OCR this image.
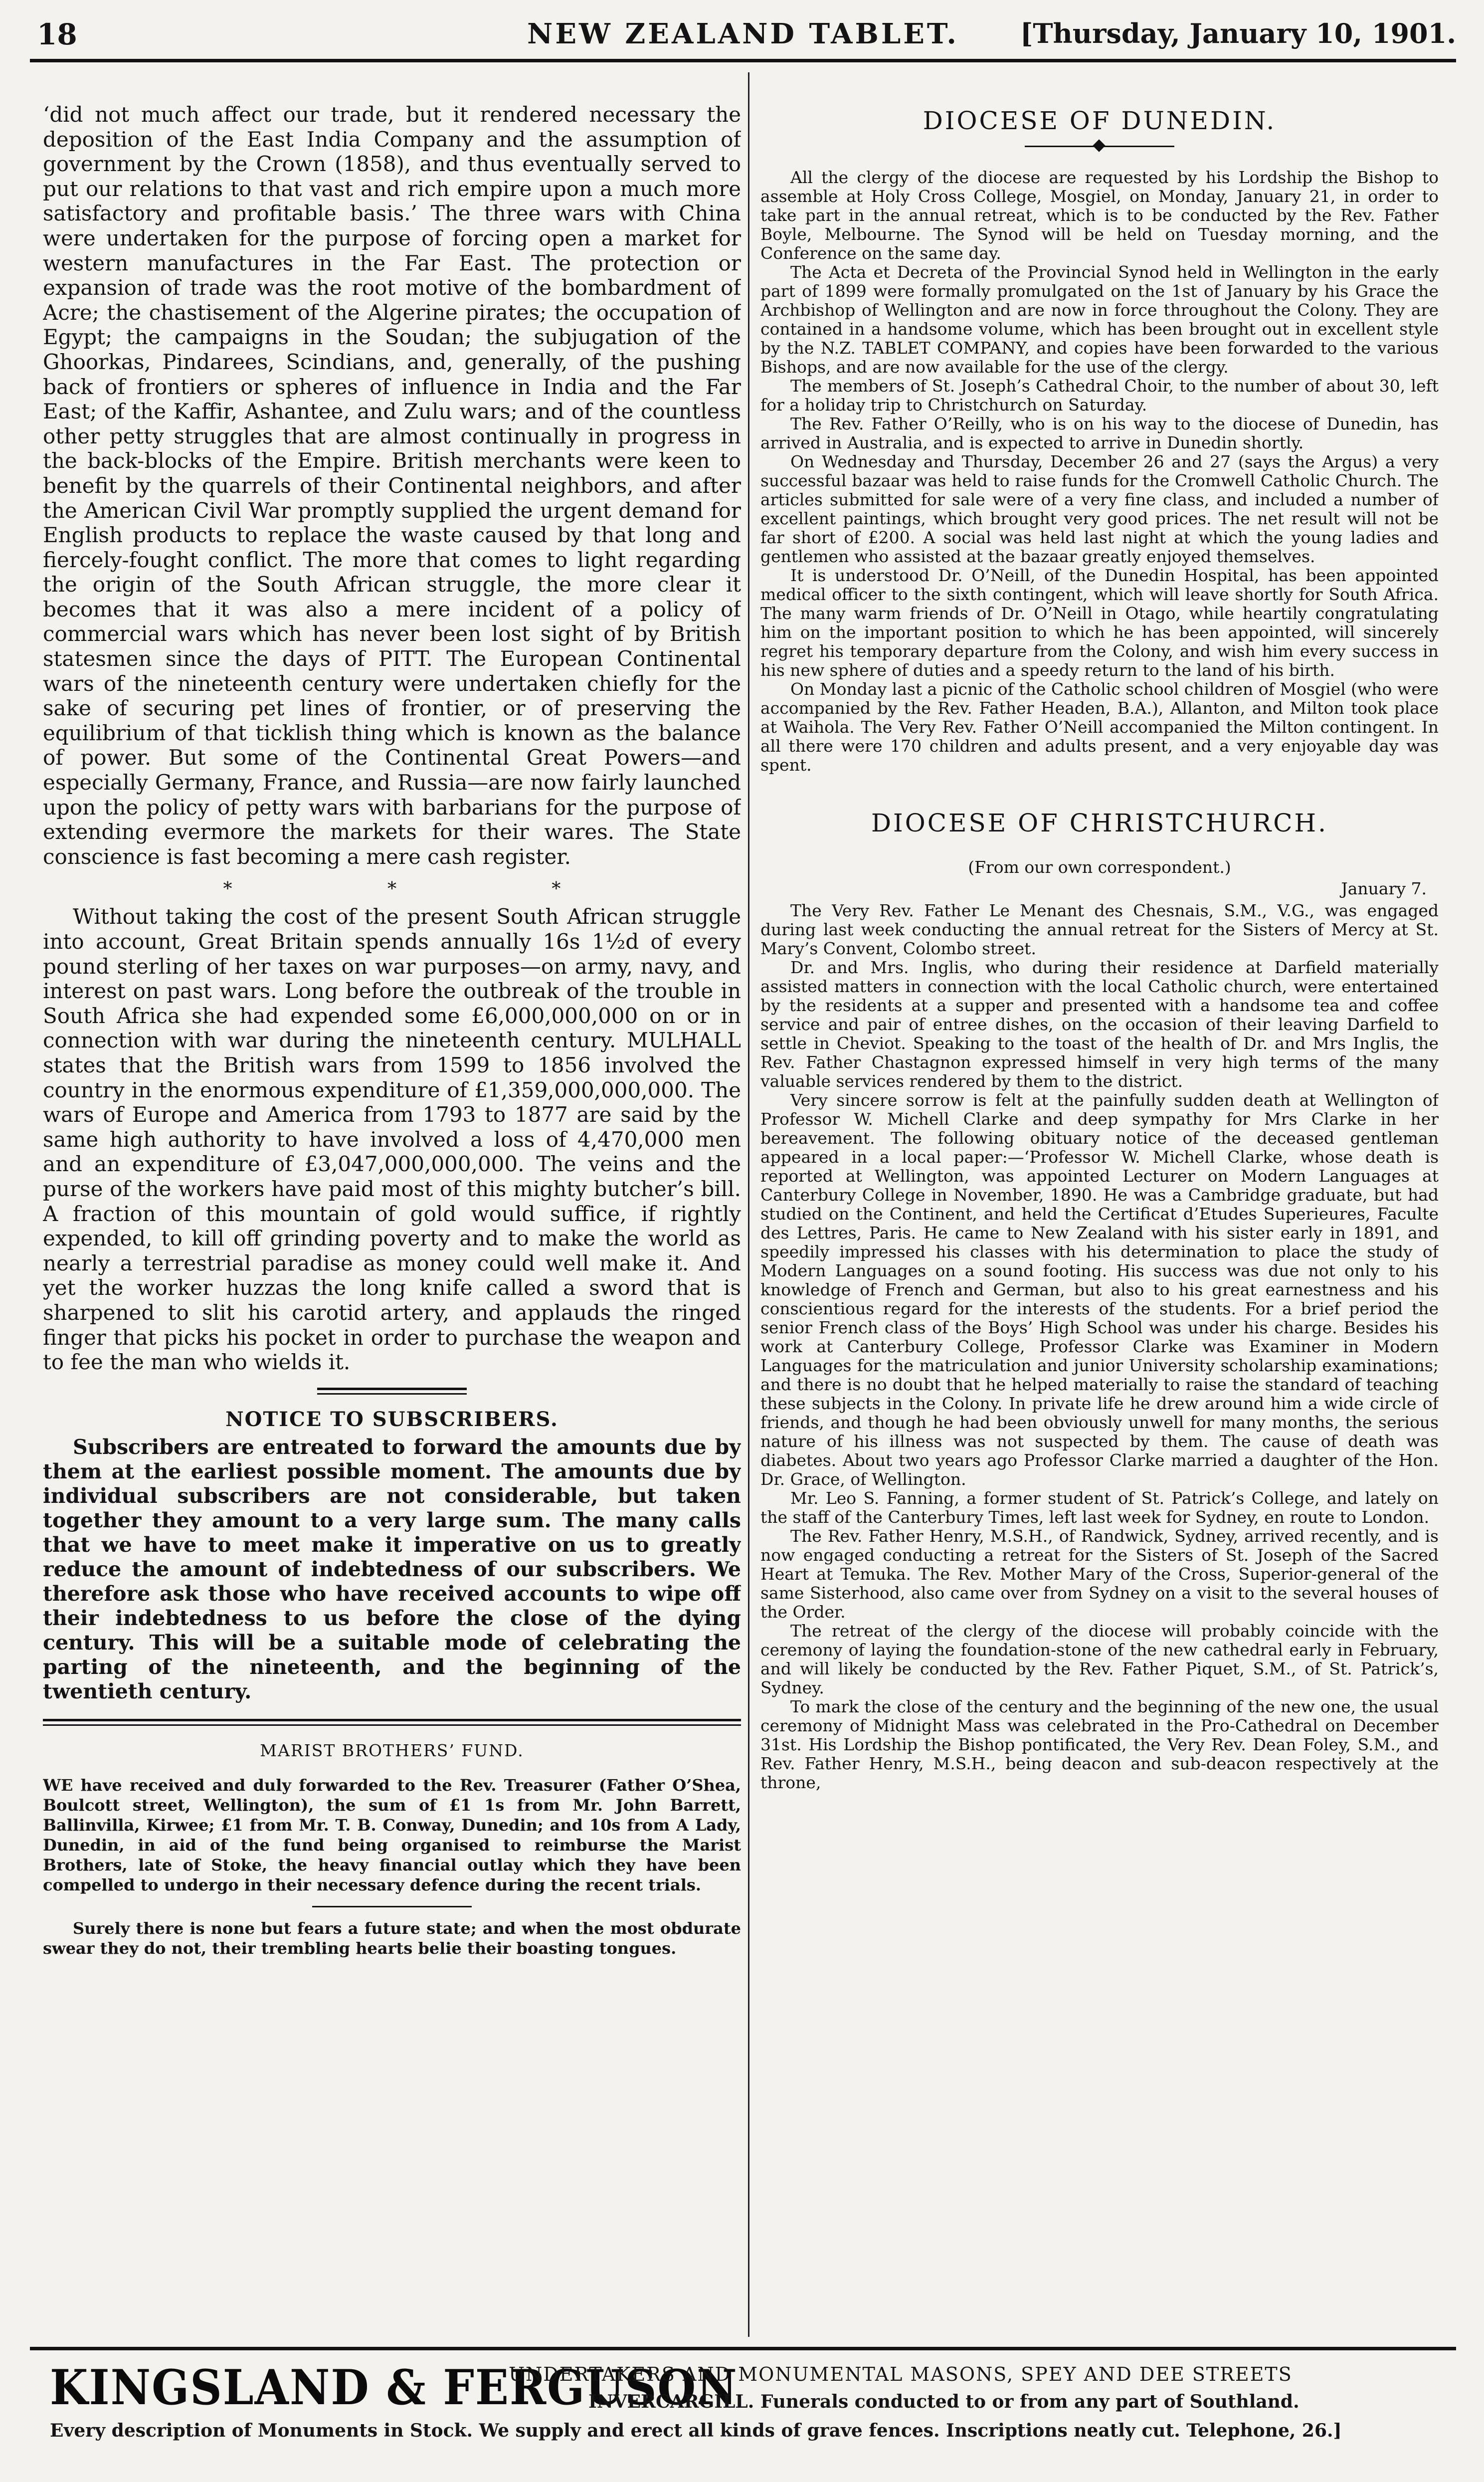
18	NEW ZEALAND TABLET.	[Thursday, January 10, 1901.

‘did not much affect our trade, but it rendered necessary the deposition of the East India Company and the assumption of government by the Crown (1858), and thus eventually served to put our relations to that vast and rich empire upon a much more satisfactory and profitable basis.’ The three wars with China were undertaken for the purpose of forcing open a market for western manufactures in the Far East. The protection or expansion of trade was the root motive of the bombardment of Acre; the chastisement of the Algerine pirates; the occupation of Egypt; the campaigns in the Soudan; the subjugation of the Ghoorkas, Pindarees, Scindians, and, generally, of the pushing back of frontiers or spheres of influence in India and the Far East; of the Kaffir, Ashantee, and Zulu wars; and of the countless other petty struggles that are almost continually in progress in the back-blocks of the Empire. British merchants were keen to benefit by the quarrels of their Continental neighbors, and after the American Civil War promptly supplied the urgent demand for English products to replace the waste caused by that long and fiercely-fought conflict. The more that comes to light regarding the origin of the South African struggle, the more clear it becomes that it was also a mere incident of a policy of commercial wars which has never been lost sight of by British statesmen since the days of PITT. The European Continental wars of the nineteenth century were undertaken chiefly for the sake of securing pet lines of frontier, or of preserving the equilibrium of that ticklish thing which is known as the balance of power. But some of the Continental Great Powers—and especially Germany, France, and Russia—are now fairly launched upon the policy of petty wars with barbarians for the purpose of extending evermore the markets for their wares. The State conscience is fast becoming a mere cash register.

* * *

Without taking the cost of the present South African struggle into account, Great Britain spends annually 16s 1½d of every pound sterling of her taxes on war purposes—on army, navy, and interest on past wars. Long before the outbreak of the trouble in South Africa she had expended some £6,000,000,000 on or in connection with war during the nineteenth century. MULHALL states that the British wars from 1599 to 1856 involved the country in the enormous expenditure of £1,359,000,000,000. The wars of Europe and America from 1793 to 1877 are said by the same high authority to have involved a loss of 4,470,000 men and an expenditure of £3,047,000,000,000. The veins and the purse of the workers have paid most of this mighty butcher’s bill. A fraction of this mountain of gold would suffice, if rightly expended, to kill off grinding poverty and to make the world as nearly a terrestrial paradise as money could well make it. And yet the worker huzzas the long knife called a sword that is sharpened to slit his carotid artery, and applauds the ringed finger that picks his pocket in order to purchase the weapon and to fee the man who wields it.

NOTICE TO SUBSCRIBERS.

Subscribers are entreated to forward the amounts due by them at the earliest possible moment. The amounts due by individual subscribers are not considerable, but taken together they amount to a very large sum. The many calls that we have to meet make it imperative on us to greatly reduce the amount of indebtedness of our subscribers. We therefore ask those who have received accounts to wipe off their indebtedness to us before the close of the dying century. This will be a suitable mode of celebrating the parting of the nineteenth, and the beginning of the twentieth century.

MARIST BROTHERS’ FUND.

WE have received and duly forwarded to the Rev. Treasurer (Father O’Shea, Boulcott street, Wellington), the sum of £1 1s from Mr. John Barrett, Ballinvilla, Kirwee; £1 from Mr. T. B. Conway, Dunedin; and 10s from A Lady, Dunedin, in aid of the fund being organised to reimburse the Marist Brothers, late of Stoke, the heavy financial outlay which they have been compelled to undergo in their necessary defence during the recent trials.

Surely there is none but fears a future state; and when the most obdurate swear they do not, their trembling hearts belie their boasting tongues.

DIOCESE OF DUNEDIN.

All the clergy of the diocese are requested by his Lordship the Bishop to assemble at Holy Cross College, Mosgiel, on Monday, January 21, in order to take part in the annual retreat, which is to be conducted by the Rev. Father Boyle, Melbourne. The Synod will be held on Tuesday morning, and the Conference on the same day.

The Acta et Decreta of the Provincial Synod held in Wellington in the early part of 1899 were formally promulgated on the 1st of January by his Grace the Archbishop of Wellington and are now in force throughout the Colony. They are contained in a handsome volume, which has been brought out in excellent style by the N.Z. TABLET COMPANY, and copies have been forwarded to the various Bishops, and are now available for the use of the clergy.

The members of St. Joseph’s Cathedral Choir, to the number of about 30, left for a holiday trip to Christchurch on Saturday.

The Rev. Father O’Reilly, who is on his way to the diocese of Dunedin, has arrived in Australia, and is expected to arrive in Dunedin shortly.

On Wednesday and Thursday, December 26 and 27 (says the Argus) a very successful bazaar was held to raise funds for the Cromwell Catholic Church. The articles submitted for sale were of a very fine class, and included a number of excellent paintings, which brought very good prices. The net result will not be far short of £200. A social was held last night at which the young ladies and gentlemen who assisted at the bazaar greatly enjoyed themselves.

It is understood Dr. O’Neill, of the Dunedin Hospital, has been appointed medical officer to the sixth contingent, which will leave shortly for South Africa. The many warm friends of Dr. O’Neill in Otago, while heartily congratulating him on the important position to which he has been appointed, will sincerely regret his temporary departure from the Colony, and wish him every success in his new sphere of duties and a speedy return to the land of his birth.

On Monday last a picnic of the Catholic school children of Mosgiel (who were accompanied by the Rev. Father Headen, B.A.), Allanton, and Milton took place at Waihola. The Very Rev. Father O’Neill accompanied the Milton contingent. In all there were 170 children and adults present, and a very enjoyable day was spent.

DIOCESE OF CHRISTCHURCH.
(From our own correspondent.)
January 7.

The Very Rev. Father Le Menant des Chesnais, S.M., V.G., was engaged during last week conducting the annual retreat for the Sisters of Mercy at St. Mary’s Convent, Colombo street.

Dr. and Mrs. Inglis, who during their residence at Darfield materially assisted matters in connection with the local Catholic church, were entertained by the residents at a supper and presented with a handsome tea and coffee service and pair of entree dishes, on the occasion of their leaving Darfield to settle in Cheviot. Speaking to the toast of the health of Dr. and Mrs Inglis, the Rev. Father Chastagnon expressed himself in very high terms of the many valuable services rendered by them to the district.

Very sincere sorrow is felt at the painfully sudden death at Wellington of Professor W. Michell Clarke and deep sympathy for Mrs Clarke in her bereavement. The following obituary notice of the deceased gentleman appeared in a local paper:—‘Professor W. Michell Clarke, whose death is reported at Wellington, was appointed Lecturer on Modern Languages at Canterbury College in November, 1890. He was a Cambridge graduate, but had studied on the Continent, and held the Certificat d’Etudes Superieures, Faculte des Lettres, Paris. He came to New Zealand with his sister early in 1891, and speedily impressed his classes with his determination to place the study of Modern Languages on a sound footing. His success was due not only to his knowledge of French and German, but also to his great earnestness and his conscientious regard for the interests of the students. For a brief period the senior French class of the Boys’ High School was under his charge. Besides his work at Canterbury College, Professor Clarke was Examiner in Modern Languages for the matriculation and junior University scholarship examinations; and there is no doubt that he helped materially to raise the standard of teaching these subjects in the Colony. In private life he drew around him a wide circle of friends, and though he had been obviously unwell for many months, the serious nature of his illness was not suspected by them. The cause of death was diabetes. About two years ago Professor Clarke married a daughter of the Hon. Dr. Grace, of Wellington.

Mr. Leo S. Fanning, a former student of St. Patrick’s College, and lately on the staff of the Canterbury Times, left last week for Sydney, en route to London.

The Rev. Father Henry, M.S.H., of Randwick, Sydney, arrived recently, and is now engaged conducting a retreat for the Sisters of St. Joseph of the Sacred Heart at Temuka. The Rev. Mother Mary of the Cross, Superior-general of the same Sisterhood, also came over from Sydney on a visit to the several houses of the Order.

The retreat of the clergy of the diocese will probably coincide with the ceremony of laying the foundation-stone of the new cathedral early in February, and will likely be conducted by the Rev. Father Piquet, S.M., of St. Patrick’s, Sydney.

To mark the close of the century and the beginning of the new one, the usual ceremony of Midnight Mass was celebrated in the Pro-Cathedral on December 31st. His Lordship the Bishop pontificated, the Very Rev. Dean Foley, S.M., and Rev. Father Henry, M.S.H., being deacon and sub-deacon respectively at the throne,

KINGSLAND & FERGUSON
UNDERTAKERS AND MONUMENTAL MASONS, SPEY AND DEE STREETS
INVERCARGILL. Funerals conducted to or from any part of Southland.
Every description of Monuments in Stock. We supply and erect all kinds of grave fences. Inscriptions neatly cut. Telephone, 26.]
